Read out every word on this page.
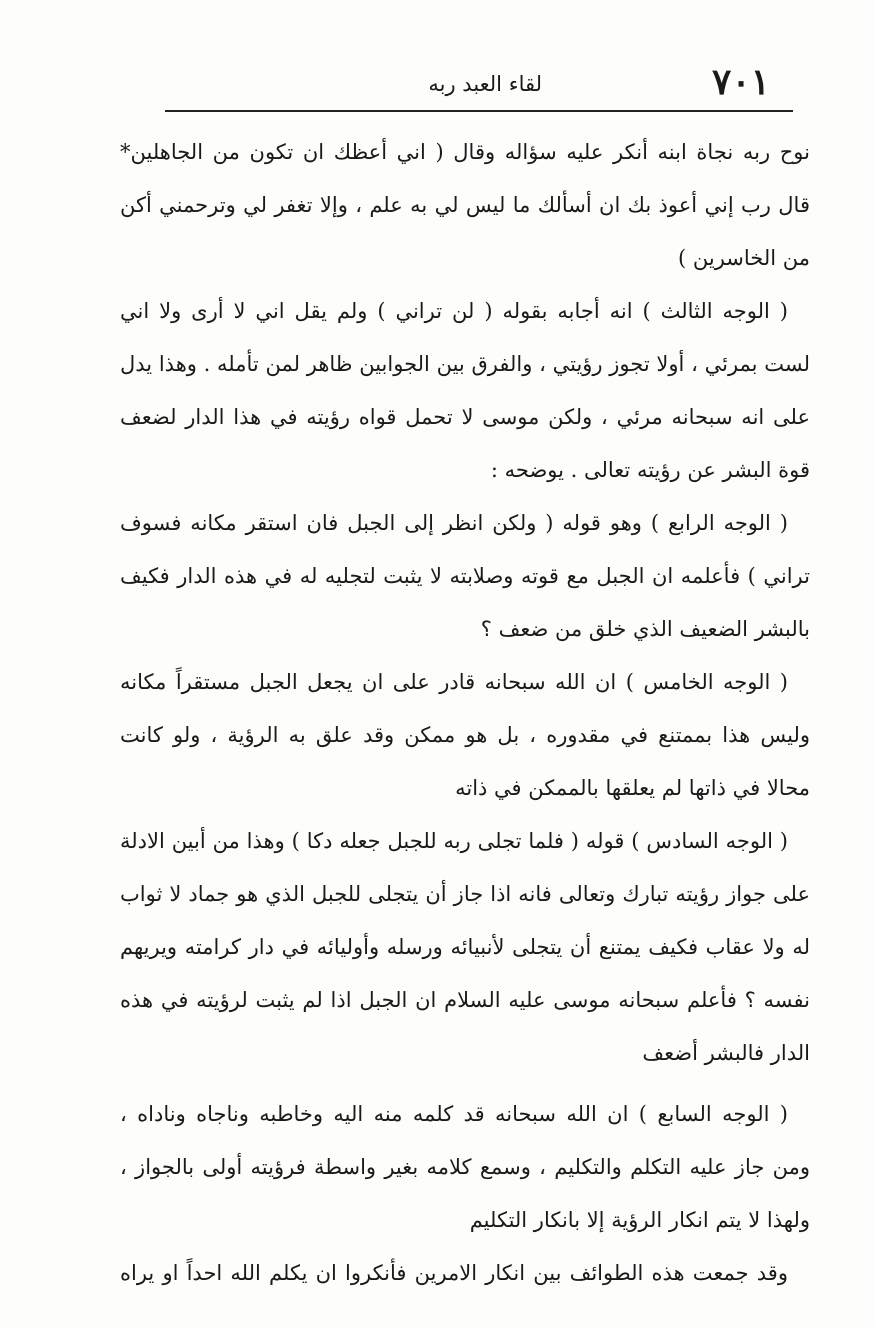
٧٠١
لقاء العبد ربه
نوح ربه نجاة ابنه أنكر عليه سؤاله وقال ( اني أعظك ان تكون من الجاهلين*
قال رب إني أعوذ بك ان أسألك ما ليس لي به علم ، وإلا تغفر لي وترحمني أكن
من الخاسرين )
( الوجه الثالث ) انه أجابه بقوله ( لن تراني ) ولم يقل اني لا أرى ولا اني
لست بمرئي ، أولا تجوز رؤيتي ، والفرق بين الجوابين ظاهر لمن تأمله . وهذا يدل
على انه سبحانه مرئي ، ولكن موسى لا تحمل قواه رؤيته في هذا الدار لضعف
قوة البشر عن رؤيته تعالى . يوضحه :
( الوجه الرابع ) وهو قوله ( ولكن انظر إلى الجبل فان استقر مكانه فسوف
تراني ) فأعلمه ان الجبل مع قوته وصلابته لا يثبت لتجليه له في هذه الدار فكيف
بالبشر الضعيف الذي خلق من ضعف ؟
( الوجه الخامس ) ان الله سبحانه قادر على ان يجعل الجبل مستقراً مكانه
وليس هذا بممتنع في مقدوره ، بل هو ممكن وقد علق به الرؤية ، ولو كانت
محالا في ذاتها لم يعلقها بالممكن في ذاته
( الوجه السادس ) قوله ( فلما تجلى ربه للجبل جعله دكا ) وهذا من أبين الادلة
على جواز رؤيته تبارك وتعالى فانه اذا جاز أن يتجلى للجبل الذي هو جماد لا ثواب
له ولا عقاب فكيف يمتنع أن يتجلى لأنبيائه ورسله وأوليائه في دار كرامته ويريهم
نفسه ؟ فأعلم سبحانه موسى عليه السلام ان الجبل اذا لم يثبت لرؤيته في هذه
الدار فالبشر أضعف
( الوجه السابع ) ان الله سبحانه قد كلمه منه اليه وخاطبه وناجاه وناداه ،
ومن جاز عليه التكلم والتكليم ، وسمع كلامه بغير واسطة فرؤيته أولى بالجواز ،
ولهذا لا يتم انكار الرؤية إلا بانكار التكليم
وقد جمعت هذه الطوائف بين انكار الامرين فأنكروا ان يكلم الله احداً او يراه
